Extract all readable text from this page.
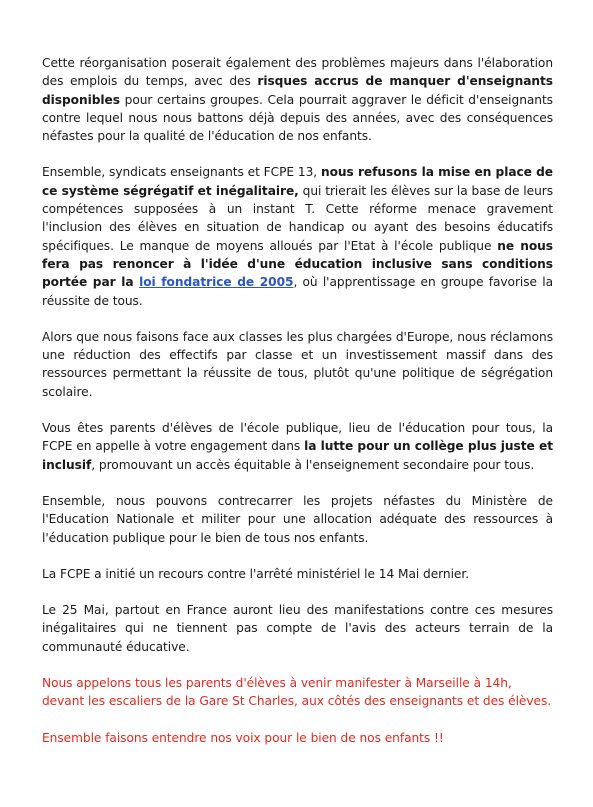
Cette réorganisation poserait également des problèmes majeurs dans l'élaboration des emplois du temps, avec des risques accrus de manquer d'enseignants disponibles pour certains groupes. Cela pourrait aggraver le déficit d'enseignants contre lequel nous nous battons déjà depuis des années, avec des conséquences néfastes pour la qualité de l'éducation de nos enfants.

Ensemble, syndicats enseignants et FCPE 13, nous refusons la mise en place de ce système ségrégatif et inégalitaire, qui trierait les élèves sur la base de leurs compétences supposées à un instant T. Cette réforme menace gravement l'inclusion des élèves en situation de handicap ou ayant des besoins éducatifs spécifiques. Le manque de moyens alloués par l'Etat à l'école publique ne nous fera pas renoncer à l'idée d'une éducation inclusive sans conditions portée par la loi fondatrice de 2005, où l'apprentissage en groupe favorise la réussite de tous.

Alors que nous faisons face aux classes les plus chargées d'Europe, nous réclamons une réduction des effectifs par classe et un investissement massif dans des ressources permettant la réussite de tous, plutôt qu'une politique de ségrégation scolaire.

Vous êtes parents d'élèves de l'école publique, lieu de l'éducation pour tous, la FCPE en appelle à votre engagement dans la lutte pour un collège plus juste et inclusif, promouvant un accès équitable à l'enseignement secondaire pour tous.

Ensemble, nous pouvons contrecarrer les projets néfastes du Ministère de l'Education Nationale et militer pour une allocation adéquate des ressources à l'éducation publique pour le bien de tous nos enfants.

La FCPE a initié un recours contre l'arrêté ministériel le 14 Mai dernier.

Le 25 Mai, partout en France auront lieu des manifestations contre ces mesures inégalitaires qui ne tiennent pas compte de l'avis des acteurs terrain de la communauté éducative.

Nous appelons tous les parents d'élèves à venir manifester à Marseille à 14h, devant les escaliers de la Gare St Charles, aux côtés des enseignants et des élèves.

Ensemble faisons entendre nos voix pour le bien de nos enfants !!
